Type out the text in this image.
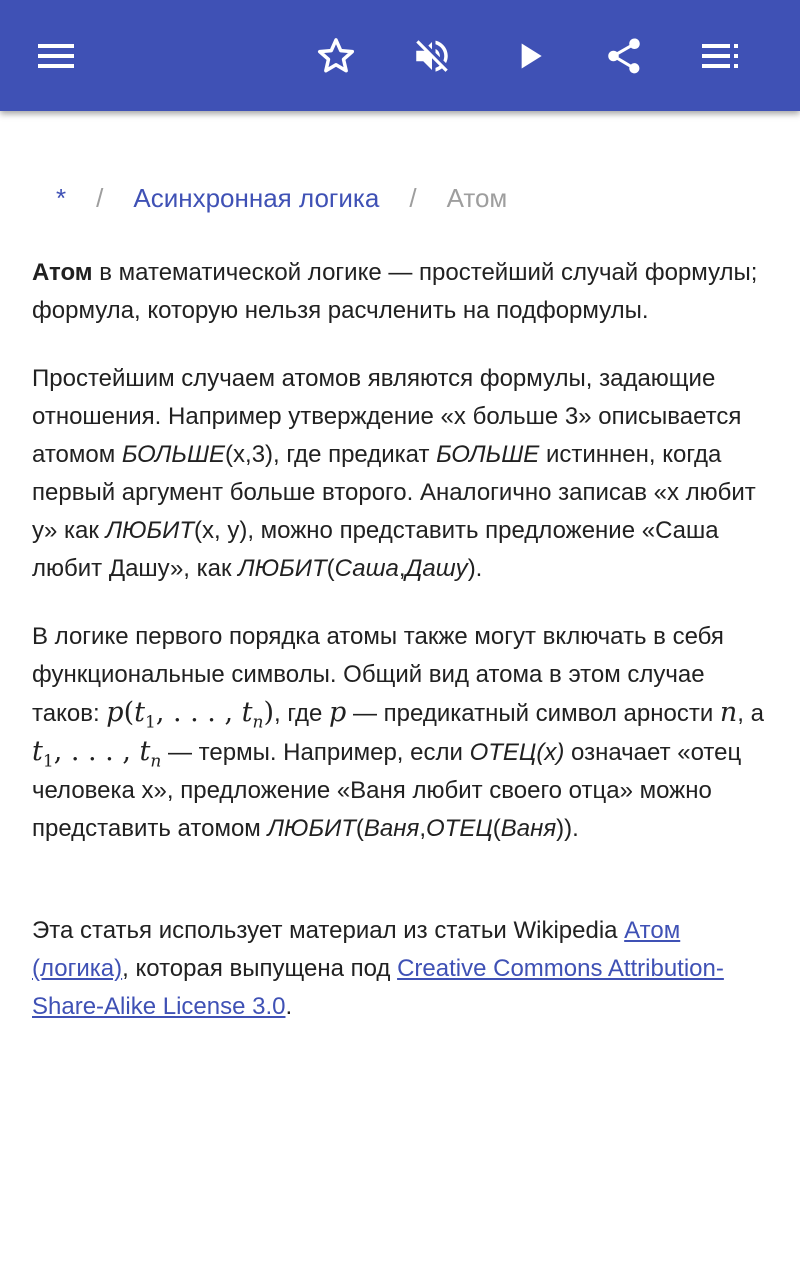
* / Асинхронная логика / Атом

Атом в математической логике — простейший случай формулы; формула, которую нельзя расчленить на подформулы.

Простейшим случаем атомов являются формулы, задающие отношения. Например утверждение «x больше 3» описывается атомом БОЛЬШЕ(x,3), где предикат БОЛЬШЕ истиннен, когда первый аргумент больше второго. Аналогично записав «x любит y» как ЛЮБИТ(x, y), можно представить предложение «Саша любит Дашу», как ЛЮБИТ(Саша,Дашу).

В логике первого порядка атомы также могут включать в себя функциональные символы. Общий вид атома в этом случае таков: $p(t_1$, . . . , $t_n$), где p — предикатный символ арности n, а $t_1$, . . . , $t_n$ — термы. Например, если ОТЕЦ(x) означает «отец человека x», предложение «Ваня любит своего отца» можно представить атомом ЛЮБИТ(Ваня,ОТЕЦ(Ваня)).

Эта статья использует материал из статьи Wikipedia Атом (логика), которая выпущена под Creative Commons Attribution-Share-Alike License 3.0.
